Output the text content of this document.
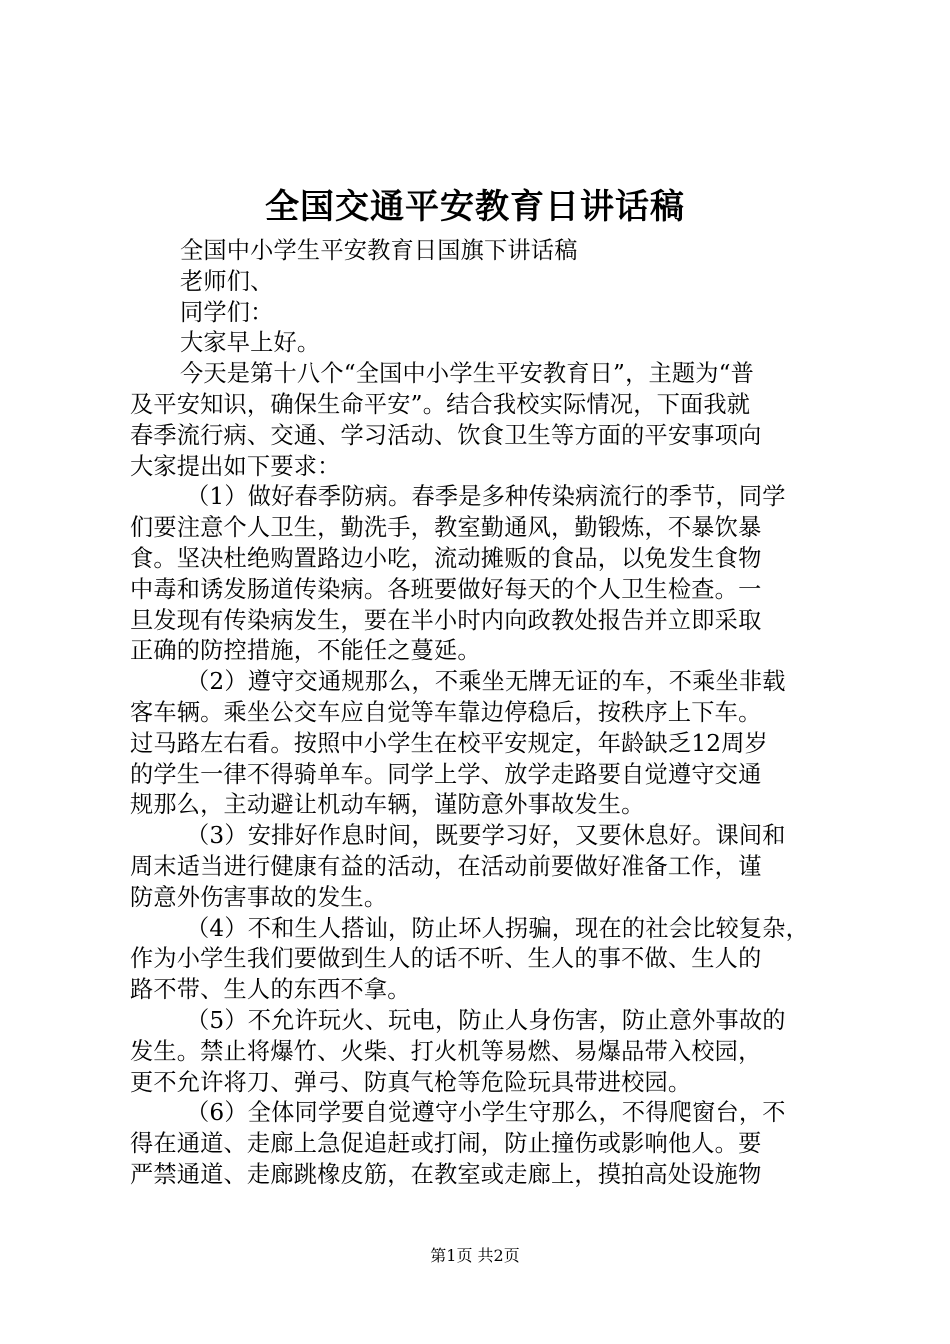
全国交通平安教育日讲话稿
全国中小学生平安教育日国旗下讲话稿
老师们、
同学们：
大家早上好。
今天是第十八个“全国中小学生平安教育日”，主题为“普
及平安知识，确保生命平安”。结合我校实际情况，下面我就
春季流行病、交通、学习活动、饮食卫生等方面的平安事项向
大家提出如下要求：
（1）做好春季防病。春季是多种传染病流行的季节，同学
们要注意个人卫生，勤洗手，教室勤通风，勤锻炼，不暴饮暴
食。坚决杜绝购置路边小吃，流动摊贩的食品，以免发生食物
中毒和诱发肠道传染病。各班要做好每天的个人卫生检查。一
旦发现有传染病发生，要在半小时内向政教处报告并立即采取
正确的防控措施，不能任之蔓延。
（2）遵守交通规那么，不乘坐无牌无证的车，不乘坐非载
客车辆。乘坐公交车应自觉等车靠边停稳后，按秩序上下车。
过马路左右看。按照中小学生在校平安规定，年龄缺乏12周岁
的学生一律不得骑单车。同学上学、放学走路要自觉遵守交通
规那么，主动避让机动车辆，谨防意外事故发生。
（3）安排好作息时间，既要学习好，又要休息好。课间和
周末适当进行健康有益的活动，在活动前要做好准备工作，谨
防意外伤害事故的发生。
（4）不和生人搭讪，防止坏人拐骗，现在的社会比较复杂，
作为小学生我们要做到生人的话不听、生人的事不做、生人的
路不带、生人的东西不拿。
（5）不允许玩火、玩电，防止人身伤害，防止意外事故的
发生。禁止将爆竹、火柴、打火机等易燃、易爆品带入校园，
更不允许将刀、弹弓、防真气枪等危险玩具带进校园。
（6）全体同学要自觉遵守小学生守那么，不得爬窗台，不
得在通道、走廊上急促追赶或打闹，防止撞伤或影响他人。要
严禁通道、走廊跳橡皮筋，在教室或走廊上，摸拍高处设施物
第1页 共2页
